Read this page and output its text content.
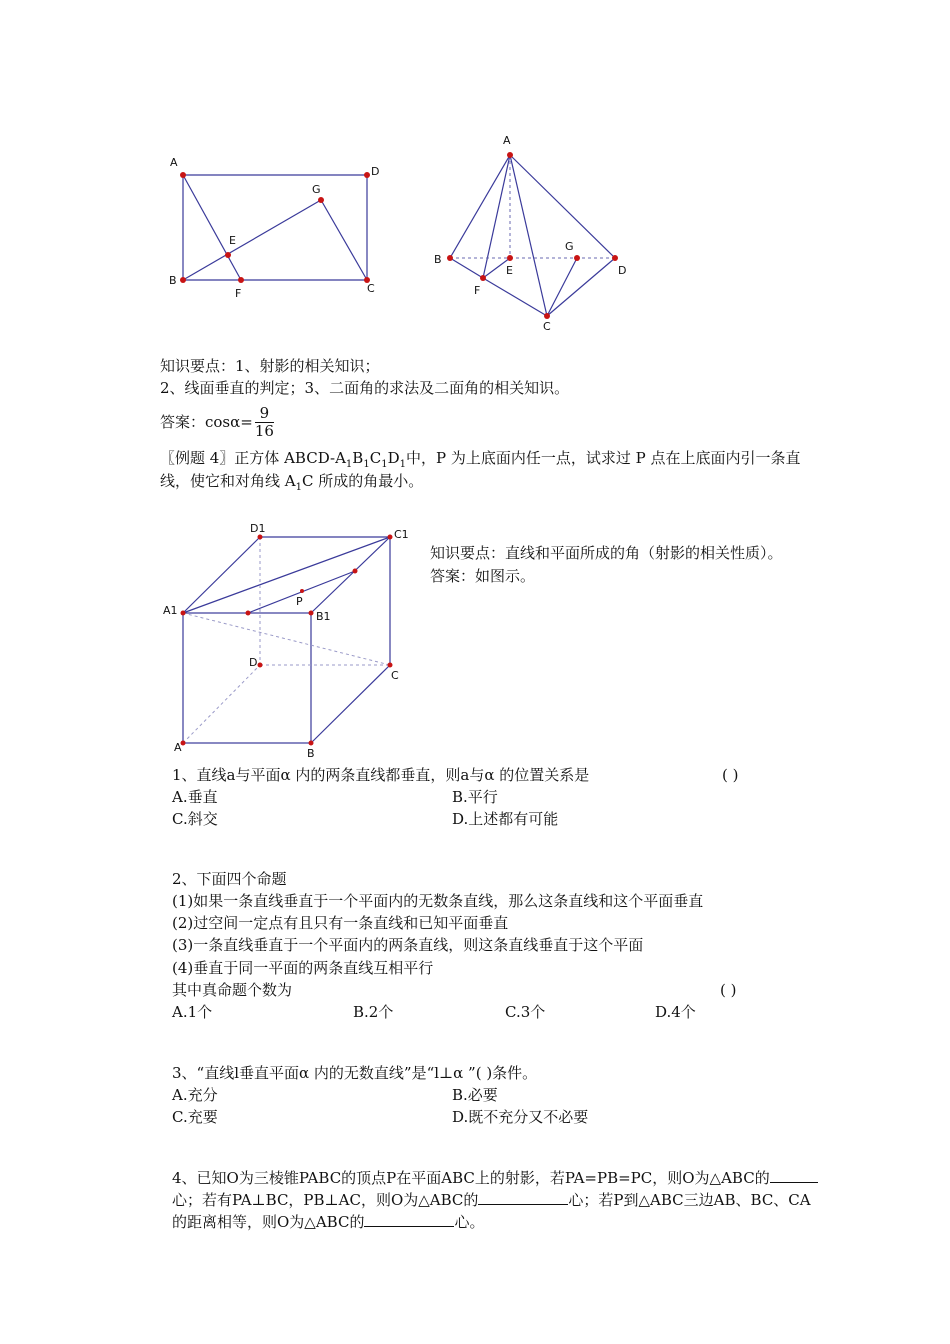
A
D
G
E
B
F	C
A
B
F
E
G
D
C
D1	C1
A1	B1
P
D
C
A	B
知识要点：1、射影的相关知识；
2、线面垂直的判定；3、二面角的求法及二面角的相关知识。
答案：$\cos\alpha= \frac{9}{16}$
〖例题 4〗正方体 ABCD-$A_1B_1C_1D_1$中，P 为上底面内任一点，试求过 P 点在上底面内引一条直
线，使它和对角线 $A_1C$ 所成的角最小。
知识要点：直线和平面所成的角（射影的相关性质）。
答案：如图示。
1、直线a与平面α 内的两条直线都垂直，则a与α 的位置关系是	( )
A.垂直	B.平行
C.斜交	D.上述都有可能
2、下面四个命题
(1)如果一条直线垂直于一个平面内的无数条直线，那么这条直线和这个平面垂直
(2)过空间一定点有且只有一条直线和已知平面垂直
(3)一条直线垂直于一个平面内的两条直线，则这条直线垂直于这个平面
(4)垂直于同一平面的两条直线互相平行
其中真命题个数为	( )
A.1个	B.2个	C.3个	D.4个
3、“直线l垂直平面α 内的无数直线”是“l⊥α ”( )条件。
A.充分	B.必要
C.充要	D.既不充分又不必要
4、已知O为三棱锥PABC的顶点P在平面ABC上的射影，若PA=PB=PC，则O为△ABC的
心；若有PA⊥BC，PB⊥AC，则O为△ABC的	心；若P到△ABC三边AB、BC、CA
的距离相等，则O为△ABC的	心。
